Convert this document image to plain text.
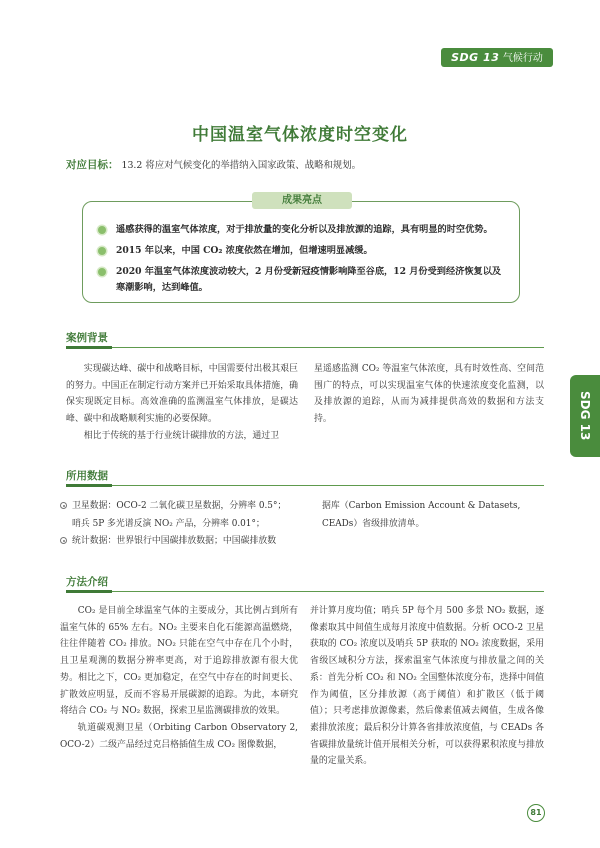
SDG 13 气候行动
中国温室气体浓度时空变化
对应目标： 13.2 将应对气候变化的举措纳入国家政策、战略和规划。
成果亮点
遥感获得的温室气体浓度，对于排放量的变化分析以及排放源的追踪，具有明显的时空优势。
2015 年以来，中国 CO₂ 浓度依然在增加，但增速明显减缓。
2020 年温室气体浓度波动较大，2 月份受新冠疫情影响降至谷底，12 月份受到经济恢复以及寒潮影响，达到峰值。
案例背景

实现碳达峰、碳中和战略目标，中国需要付出极其艰巨的努力。中国正在制定行动方案并已开始采取具体措施，确保实现既定目标。高效准确的监测温室气体排放，是碳达峰、碳中和战略顺利实施的必要保障。

相比于传统的基于行业统计碳排放的方法，通过卫

星遥感监测 CO₂ 等温室气体浓度，具有时效性高、空间范围广的特点，可以实现温室气体的快速浓度变化监测，以及排放源的追踪，从而为减排提供高效的数据和方法支持。

所用数据
卫星数据：OCO-2 二氧化碳卫星数据，分辨率 0.5°；
哨兵 5P 多光谱反演 NO₂ 产品，分辨率 0.01°；
统计数据：世界银行中国碳排放数据；中国碳排放数

据库（Carbon Emission Account & Datasets, CEADs）省级排放清单。

方法介绍

CO₂ 是目前全球温室气体的主要成分，其比例占到所有温室气体的 65% 左右。NO₂ 主要来自化石能源高温燃烧，往往伴随着 CO₂ 排放。NO₂ 只能在空气中存在几个小时，且卫星观测的数据分辨率更高，对于追踪排放源有很大优势。相比之下，CO₂ 更加稳定，在空气中存在的时间更长、扩散效应明显，反而不容易开展碳源的追踪。为此，本研究将结合 CO₂ 与 NO₂ 数据，探索卫星监测碳排放的效果。

轨道碳观测卫星（Orbiting Carbon Observatory 2, OCO-2）二级产品经过克吕格插值生成 CO₂ 图像数据，

并计算月度均值；哨兵 5P 每个月 500 多景 NO₂ 数据，逐像素取其中间值生成每月浓度中值数据。分析 OCO-2 卫星获取的 CO₂ 浓度以及哨兵 5P 获取的 NO₂ 浓度数据，采用省级区域积分方法，探索温室气体浓度与排放量之间的关系：首先分析 CO₂ 和 NO₂ 全国整体浓度分布，选择中间值作为阈值，区分排放源（高于阈值）和扩散区（低于阈值）；只考虑排放源像素，然后像素值减去阈值，生成各像素排放浓度；最后积分计算各省排放浓度值，与 CEADs 各省碳排放量统计值开展相关分析，可以获得累积浓度与排放量的定量关系。

SDG 13
81
